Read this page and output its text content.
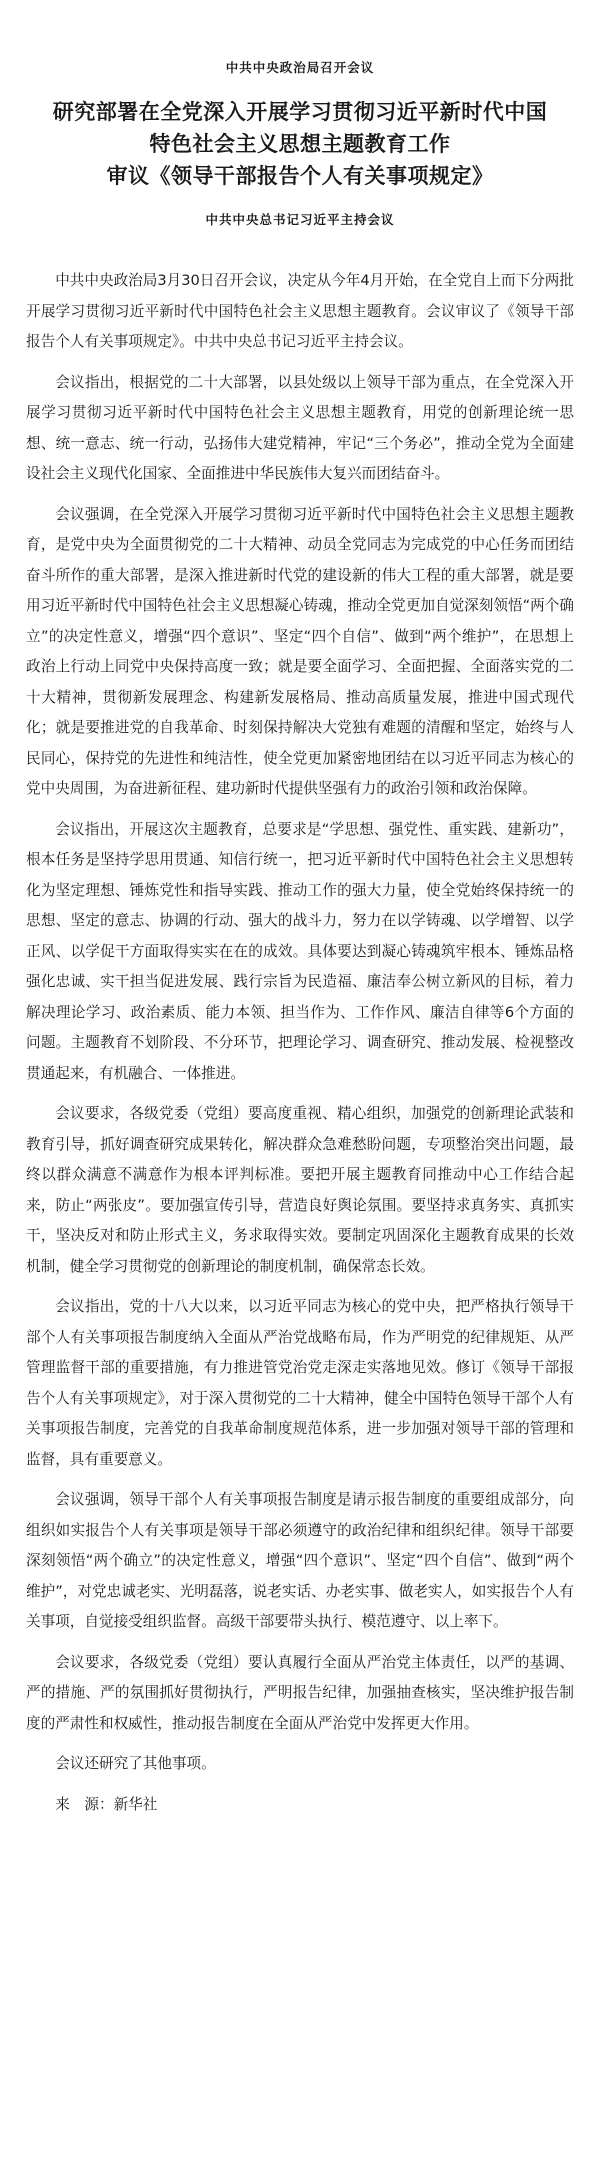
中共中央政治局召开会议
研究部署在全党深入开展学习贯彻习近平新时代中国
特色社会主义思想主题教育工作
审议《领导干部报告个人有关事项规定》
中共中央总书记习近平主持会议

中共中央政治局3月30日召开会议，决定从今年4月开始，在全党自上而下分两批开展学习贯彻习近平新时代中国特色社会主义思想主题教育。会议审议了《领导干部报告个人有关事项规定》。中共中央总书记习近平主持会议。

会议指出，根据党的二十大部署，以县处级以上领导干部为重点，在全党深入开展学习贯彻习近平新时代中国特色社会主义思想主题教育，用党的创新理论统一思想、统一意志、统一行动，弘扬伟大建党精神，牢记“三个务必”，推动全党为全面建设社会主义现代化国家、全面推进中华民族伟大复兴而团结奋斗。

会议强调，在全党深入开展学习贯彻习近平新时代中国特色社会主义思想主题教育，是党中央为全面贯彻党的二十大精神、动员全党同志为完成党的中心任务而团结奋斗所作的重大部署，是深入推进新时代党的建设新的伟大工程的重大部署，就是要用习近平新时代中国特色社会主义思想凝心铸魂，推动全党更加自觉深刻领悟“两个确立”的决定性意义，增强“四个意识”、坚定“四个自信”、做到“两个维护”，在思想上政治上行动上同党中央保持高度一致；就是要全面学习、全面把握、全面落实党的二十大精神，贯彻新发展理念、构建新发展格局、推动高质量发展，推进中国式现代化；就是要推进党的自我革命、时刻保持解决大党独有难题的清醒和坚定，始终与人民同心，保持党的先进性和纯洁性，使全党更加紧密地团结在以习近平同志为核心的党中央周围，为奋进新征程、建功新时代提供坚强有力的政治引领和政治保障。

会议指出，开展这次主题教育，总要求是“学思想、强党性、重实践、建新功”，根本任务是坚持学思用贯通、知信行统一，把习近平新时代中国特色社会主义思想转化为坚定理想、锤炼党性和指导实践、推动工作的强大力量，使全党始终保持统一的思想、坚定的意志、协调的行动、强大的战斗力，努力在以学铸魂、以学增智、以学正风、以学促干方面取得实实在在的成效。具体要达到凝心铸魂筑牢根本、锤炼品格强化忠诚、实干担当促进发展、践行宗旨为民造福、廉洁奉公树立新风的目标，着力解决理论学习、政治素质、能力本领、担当作为、工作作风、廉洁自律等6个方面的问题。主题教育不划阶段、不分环节，把理论学习、调查研究、推动发展、检视整改贯通起来，有机融合、一体推进。

会议要求，各级党委（党组）要高度重视、精心组织，加强党的创新理论武装和教育引导，抓好调查研究成果转化，解决群众急难愁盼问题，专项整治突出问题，最终以群众满意不满意作为根本评判标准。要把开展主题教育同推动中心工作结合起来，防止“两张皮”。要加强宣传引导，营造良好舆论氛围。要坚持求真务实、真抓实干，坚决反对和防止形式主义，务求取得实效。要制定巩固深化主题教育成果的长效机制，健全学习贯彻党的创新理论的制度机制，确保常态长效。

会议指出，党的十八大以来，以习近平同志为核心的党中央，把严格执行领导干部个人有关事项报告制度纳入全面从严治党战略布局，作为严明党的纪律规矩、从严管理监督干部的重要措施，有力推进管党治党走深走实落地见效。修订《领导干部报告个人有关事项规定》，对于深入贯彻党的二十大精神，健全中国特色领导干部个人有关事项报告制度，完善党的自我革命制度规范体系，进一步加强对领导干部的管理和监督，具有重要意义。

会议强调，领导干部个人有关事项报告制度是请示报告制度的重要组成部分，向组织如实报告个人有关事项是领导干部必须遵守的政治纪律和组织纪律。领导干部要深刻领悟“两个确立”的决定性意义，增强“四个意识”、坚定“四个自信”、做到“两个维护”，对党忠诚老实、光明磊落，说老实话、办老实事、做老实人，如实报告个人有关事项，自觉接受组织监督。高级干部要带头执行、模范遵守、以上率下。

会议要求，各级党委（党组）要认真履行全面从严治党主体责任，以严的基调、严的措施、严的氛围抓好贯彻执行，严明报告纪律，加强抽查核实，坚决维护报告制度的严肃性和权威性，推动报告制度在全面从严治党中发挥更大作用。

会议还研究了其他事项。

来　源：新华社
